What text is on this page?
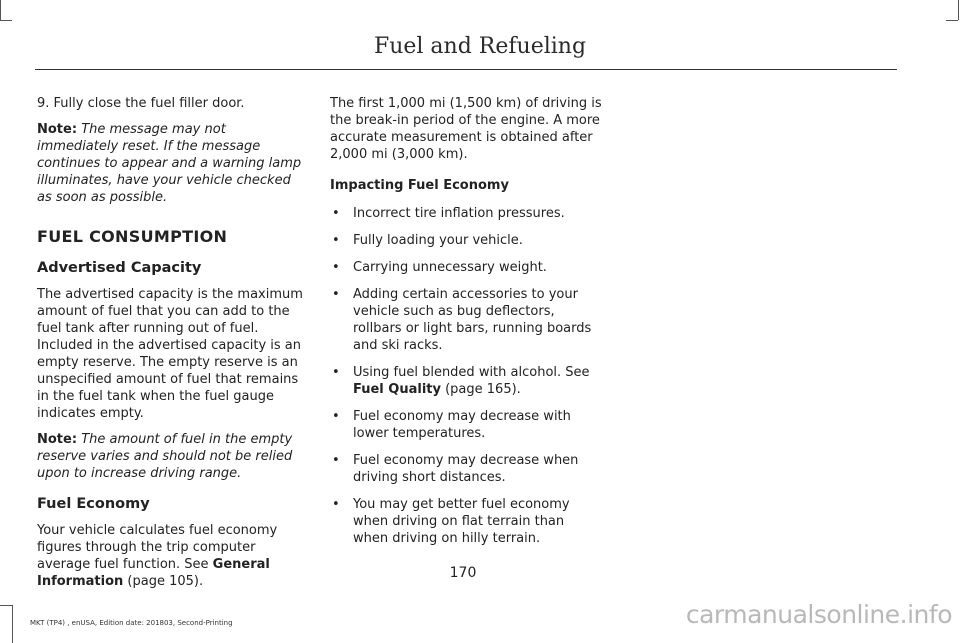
Fuel and Refueling

9. Fully close the fuel filler door.

Note: The message may not immediately reset. If the message continues to appear and a warning lamp illuminates, have your vehicle checked as soon as possible.

FUEL CONSUMPTION
Advertised Capacity

The advertised capacity is the maximum amount of fuel that you can add to the fuel tank after running out of fuel. Included in the advertised capacity is an empty reserve. The empty reserve is an unspecified amount of fuel that remains in the fuel tank when the fuel gauge indicates empty.

Note: The amount of fuel in the empty reserve varies and should not be relied upon to increase driving range.

Fuel Economy

Your vehicle calculates fuel economy figures through the trip computer average fuel function. See General Information (page 105).

The first 1,000 mi (1,500 km) of driving is the break-in period of the engine. A more accurate measurement is obtained after 2,000 mi (3,000 km).

Impacting Fuel Economy
• Incorrect tire inflation pressures.
• Fully loading your vehicle.
• Carrying unnecessary weight.
• Adding certain accessories to your vehicle such as bug deflectors, rollbars or light bars, running boards and ski racks.
• Using fuel blended with alcohol. See Fuel Quality (page 165).
• Fuel economy may decrease with lower temperatures.
• Fuel economy may decrease when driving short distances.
• You may get better fuel economy when driving on flat terrain than when driving on hilly terrain.
170
MKT (TP4) , enUSA, Edition date: 201803, Second-Printing	carmanualsonline.info
